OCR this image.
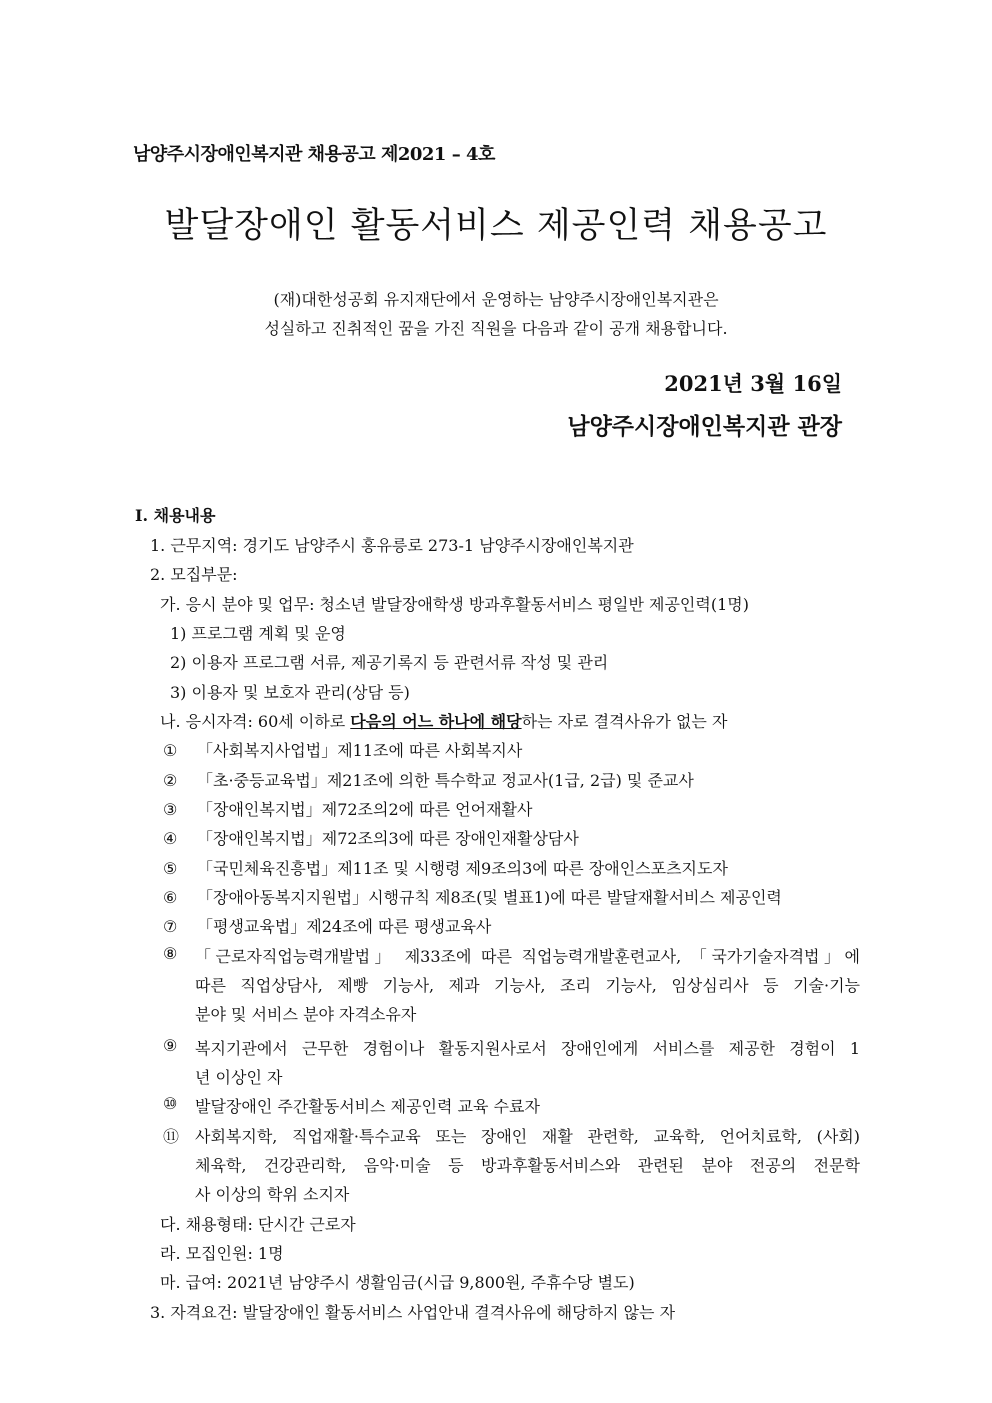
남양주시장애인복지관 채용공고 제2021 – 4호
발달장애인 활동서비스 제공인력 채용공고
(재)대한성공회 유지재단에서 운영하는 남양주시장애인복지관은
성실하고 진취적인 꿈을 가진 직원을 다음과 같이 공개 채용합니다.
2021년 3월 16일
남양주시장애인복지관 관장
Ⅰ. 채용내용
1. 근무지역: 경기도 남양주시 홍유릉로 273-1 남양주시장애인복지관
2. 모집부문:
가. 응시 분야 및 업무: 청소년 발달장애학생 방과후활동서비스 평일반 제공인력(1명)
1) 프로그램 계획 및 운영
2) 이용자 프로그램 서류, 제공기록지 등 관련서류 작성 및 관리
3) 이용자 및 보호자 관리(상담 등)
나. 응시자격: 60세 이하로 다음의 어느 하나에 해당하는 자로 결격사유가 없는 자
① 「사회복지사업법」제11조에 따른 사회복지사
② 「초·중등교육법」제21조에 의한 특수학교 정교사(1급, 2급) 및 준교사
③ 「장애인복지법」제72조의2에 따른 언어재활사
④ 「장애인복지법」제72조의3에 따른 장애인재활상담사
⑤ 「국민체육진흥법」제11조 및 시행령 제9조의3에 따른 장애인스포츠지도자
⑥ 「장애아동복지지원법」시행규칙 제8조(및 별표1)에 따른 발달재활서비스 제공인력
⑦ 「평생교육법」제24조에 따른 평생교육사
⑧ 「근로자직업능력개발법」 제33조에 따른 직업능력개발훈련교사, 「국가기술자격법」에
따른 직업상담사, 제빵 기능사, 제과 기능사, 조리 기능사, 임상심리사 등 기술·기능
분야 및 서비스 분야 자격소유자
⑨ 복지기관에서 근무한 경험이나 활동지원사로서 장애인에게 서비스를 제공한 경험이 1
년 이상인 자
⑩ 발달장애인 주간활동서비스 제공인력 교육 수료자
⑪ 사회복지학, 직업재활·특수교육 또는 장애인 재활 관련학, 교육학, 언어치료학, (사회)
체육학, 건강관리학, 음악·미술 등 방과후활동서비스와 관련된 분야 전공의 전문학
사 이상의 학위 소지자
다. 채용형태: 단시간 근로자
라. 모집인원: 1명
마. 급여: 2021년 남양주시 생활임금(시급 9,800원, 주휴수당 별도)
3. 자격요건: 발달장애인 활동서비스 사업안내 결격사유에 해당하지 않는 자
